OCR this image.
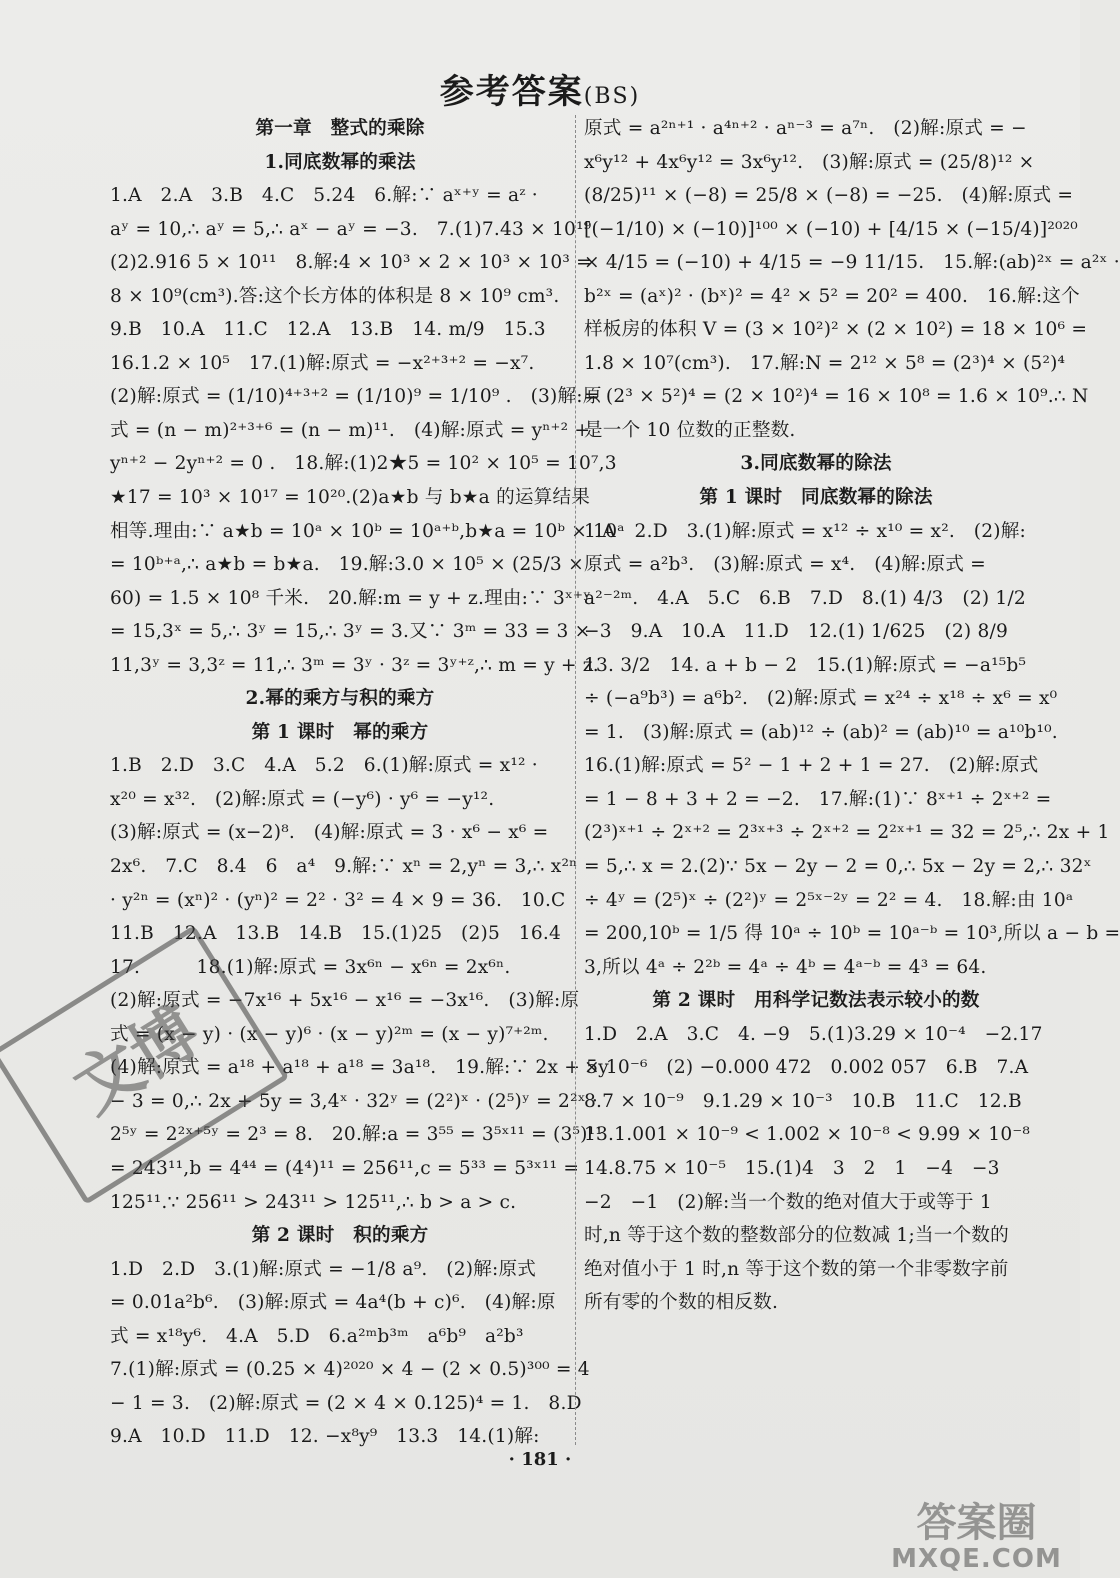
参考答案(BS)
第一章　整式的乘除
1.同底数幂的乘法
1.A　2.A　3.B　4.C　5.24　6.解:∵ aˣ⁺ʸ = aᶻ ·
aʸ = 10,∴ aʸ = 5,∴ aˣ − aʸ = −3.　7.(1)7.43 × 10¹⁹
(2)2.916 5 × 10¹¹　8.解:4 × 10³ × 2 × 10³ × 10³ =
8 × 10⁹(cm³).答:这个长方体的体积是 8 × 10⁹ cm³.
9.B　10.A　11.C　12.A　13.B　14. m/9　15.3
16.1.2 × 10⁵　17.(1)解:原式 = −x²⁺³⁺² = −x⁷.
(2)解:原式 = (1/10)⁴⁺³⁺² = (1/10)⁹ = 1/10⁹ .　(3)解:原
式 = (n − m)²⁺³⁺⁶ = (n − m)¹¹.　(4)解:原式 = yⁿ⁺² +
yⁿ⁺² − 2yⁿ⁺² = 0 .　18.解:(1)2★5 = 10² × 10⁵ = 10⁷,3
★17 = 10³ × 10¹⁷ = 10²⁰.(2)a★b 与 b★a 的运算结果
相等.理由:∵ a★b = 10ᵃ × 10ᵇ = 10ᵃ⁺ᵇ,b★a = 10ᵇ × 10ᵃ
= 10ᵇ⁺ᵃ,∴ a★b = b★a.　19.解:3.0 × 10⁵ × (25/3 ×
60) = 1.5 × 10⁸ 千米.　20.解:m = y + z.理由:∵ 3ˣ⁺ʸ
= 15,3ˣ = 5,∴ 3ʸ = 15,∴ 3ʸ = 3.又∵ 3ᵐ = 33 = 3 ×
11,3ʸ = 3,3ᶻ = 11,∴ 3ᵐ = 3ʸ · 3ᶻ = 3ʸ⁺ᶻ,∴ m = y + z.
2.幂的乘方与积的乘方
第 1 课时　幂的乘方
1.B　2.D　3.C　4.A　5.2　6.(1)解:原式 = x¹² ·
x²⁰ = x³².　(2)解:原式 = (−y⁶) · y⁶ = −y¹².
(3)解:原式 = (x−2)⁸.　(4)解:原式 = 3 · x⁶ − x⁶ =
2x⁶.　7.C　8.4　6　a⁴　9.解:∵ xⁿ = 2,yⁿ = 3,∴ x²ⁿ
· y²ⁿ = (xⁿ)² · (yⁿ)² = 2² · 3² = 4 × 9 = 36.　10.C
11.B　12.A　13.B　14.B　15.(1)25　(2)5　16.4
17.　　　18.(1)解:原式 = 3x⁶ⁿ − x⁶ⁿ = 2x⁶ⁿ.
(2)解:原式 = −7x¹⁶ + 5x¹⁶ − x¹⁶ = −3x¹⁶.　(3)解:原
式 = (x − y) · (x − y)⁶ · (x − y)²ᵐ = (x − y)⁷⁺²ᵐ.
(4)解:原式 = a¹⁸ + a¹⁸ + a¹⁸ = 3a¹⁸.　19.解:∵ 2x + 5y
− 3 = 0,∴ 2x + 5y = 3,4ˣ · 32ʸ = (2²)ˣ · (2⁵)ʸ = 2²ˣ ·
2⁵ʸ = 2²ˣ⁺⁵ʸ = 2³ = 8.　20.解:a = 3⁵⁵ = 3⁵ˣ¹¹ = (3⁵)¹¹
= 243¹¹,b = 4⁴⁴ = (4⁴)¹¹ = 256¹¹,c = 5³³ = 5³ˣ¹¹ =
125¹¹.∵ 256¹¹ > 243¹¹ > 125¹¹,∴ b > a > c.
第 2 课时　积的乘方
1.D　2.D　3.(1)解:原式 = −1/8 a⁹.　(2)解:原式
= 0.01a²b⁶.　(3)解:原式 = 4a⁴(b + c)⁶.　(4)解:原
式 = x¹⁸y⁶.　4.A　5.D　6.a²ᵐb³ᵐ　a⁶b⁹　a²b³
7.(1)解:原式 = (0.25 × 4)²⁰²⁰ × 4 − (2 × 0.5)³⁰⁰ = 4
− 1 = 3.　(2)解:原式 = (2 × 4 × 0.125)⁴ = 1.　8.D
9.A　10.D　11.D　12. −x⁸y⁹　13.3　14.(1)解:
原式 = a²ⁿ⁺¹ · a⁴ⁿ⁺² · aⁿ⁻³ = a⁷ⁿ.　(2)解:原式 = −
x⁶y¹² + 4x⁶y¹² = 3x⁶y¹².　(3)解:原式 = (25/8)¹² ×
(8/25)¹¹ × (−8) = 25/8 × (−8) = −25.　(4)解:原式 =
[(−1/10) × (−10)]¹⁰⁰ × (−10) + [4/15 × (−15/4)]²⁰²⁰
× 4/15 = (−10) + 4/15 = −9 11/15.　15.解:(ab)²ˣ = a²ˣ ·
b²ˣ = (aˣ)² · (bˣ)² = 4² × 5² = 20² = 400.　16.解:这个
样板房的体积 V = (3 × 10²)² × (2 × 10²) = 18 × 10⁶ =
1.8 × 10⁷(cm³).　17.解:N = 2¹² × 5⁸ = (2³)⁴ × (5²)⁴
= (2³ × 5²)⁴ = (2 × 10²)⁴ = 16 × 10⁸ = 1.6 × 10⁹.∴ N
是一个 10 位数的正整数.
3.同底数幂的除法
第 1 课时　同底数幂的除法
1.A　2.D　3.(1)解:原式 = x¹² ÷ x¹⁰ = x².　(2)解:
原式 = a²b³.　(3)解:原式 = x⁴.　(4)解:原式 =
a²⁻²ᵐ.　4.A　5.C　6.B　7.D　8.(1) 4/3　(2) 1/2
−3　9.A　10.A　11.D　12.(1) 1/625　(2) 8/9
13. 3/2　14. a + b − 2　15.(1)解:原式 = −a¹⁵b⁵
÷ (−a⁹b³) = a⁶b².　(2)解:原式 = x²⁴ ÷ x¹⁸ ÷ x⁶ = x⁰
= 1.　(3)解:原式 = (ab)¹² ÷ (ab)² = (ab)¹⁰ = a¹⁰b¹⁰.
16.(1)解:原式 = 5² − 1 + 2 + 1 = 27.　(2)解:原式
= 1 − 8 + 3 + 2 = −2.　17.解:(1)∵ 8ˣ⁺¹ ÷ 2ˣ⁺² =
(2³)ˣ⁺¹ ÷ 2ˣ⁺² = 2³ˣ⁺³ ÷ 2ˣ⁺² = 2²ˣ⁺¹ = 32 = 2⁵,∴ 2x + 1
= 5,∴ x = 2.(2)∵ 5x − 2y − 2 = 0,∴ 5x − 2y = 2,∴ 32ˣ
÷ 4ʸ = (2⁵)ˣ ÷ (2²)ʸ = 2⁵ˣ⁻²ʸ = 2² = 4.　18.解:由 10ᵃ
= 200,10ᵇ = 1/5 得 10ᵃ ÷ 10ᵇ = 10ᵃ⁻ᵇ = 10³,所以 a − b =
3,所以 4ᵃ ÷ 2²ᵇ = 4ᵃ ÷ 4ᵇ = 4ᵃ⁻ᵇ = 4³ = 64.
第 2 课时　用科学记数法表示较小的数
1.D　2.A　3.C　4. −9　5.(1)3.29 × 10⁻⁴　−2.17
× 10⁻⁶　(2) −0.000 472　0.002 057　6.B　7.A
8.7 × 10⁻⁹　9.1.29 × 10⁻³　10.B　11.C　12.B
13.1.001 × 10⁻⁹ < 1.002 × 10⁻⁸ < 9.99 × 10⁻⁸
14.8.75 × 10⁻⁵　15.(1)4　3　2　1　−4　−3
−2　−1　(2)解:当一个数的绝对值大于或等于 1
时,n 等于这个数的整数部分的位数减 1;当一个数的
绝对值小于 1 时,n 等于这个数的第一个非零数字前
所有零的个数的相反数.
· 181 ·
文博
答案圈
MXQE.COM
